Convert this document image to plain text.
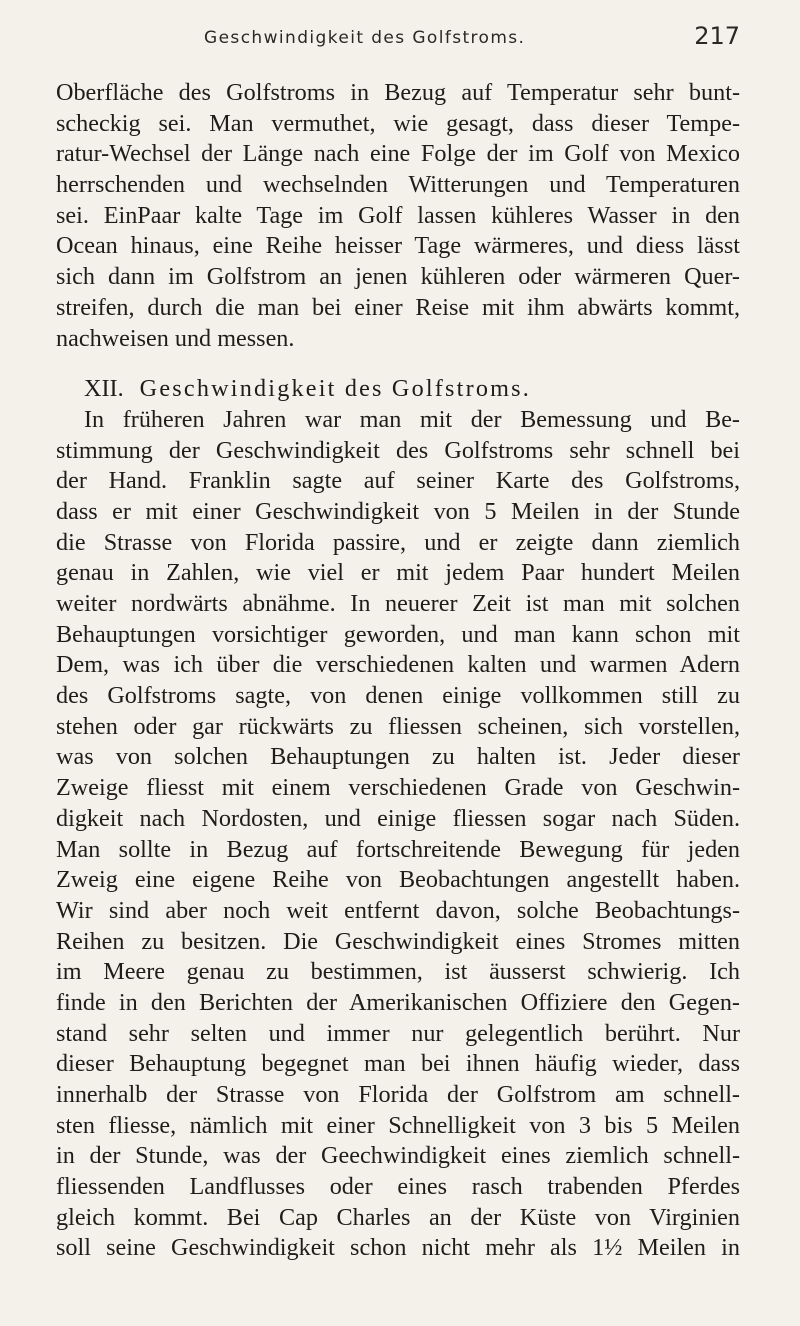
Geschwindigkeit des Golfstroms.	217
Oberfläche des Golfstroms in Bezug auf Temperatur sehr bunt-
scheckig sei. Man vermuthet, wie gesagt, dass dieser Tempe-
ratur-Wechsel der Länge nach eine Folge der im Golf von Mexico
herrschenden und wechselnden Witterungen und Temperaturen
sei. EinPaar kalte Tage im Golf lassen kühleres Wasser in den
Ocean hinaus, eine Reihe heisser Tage wärmeres, und diess lässt
sich dann im Golfstrom an jenen kühleren oder wärmeren Quer-
streifen, durch die man bei einer Reise mit ihm abwärts kommt,
nachweisen und messen.
XII. Geschwindigkeit des Golfstroms.
In früheren Jahren war man mit der Bemessung und Be-
stimmung der Geschwindigkeit des Golfstroms sehr schnell bei
der Hand. Franklin sagte auf seiner Karte des Golfstroms,
dass er mit einer Geschwindigkeit von 5 Meilen in der Stunde
die Strasse von Florida passire, und er zeigte dann ziemlich
genau in Zahlen, wie viel er mit jedem Paar hundert Meilen
weiter nordwärts abnähme. In neuerer Zeit ist man mit solchen
Behauptungen vorsichtiger geworden, und man kann schon mit
Dem, was ich über die verschiedenen kalten und warmen Adern
des Golfstroms sagte, von denen einige vollkommen still zu
stehen oder gar rückwärts zu fliessen scheinen, sich vorstellen,
was von solchen Behauptungen zu halten ist. Jeder dieser
Zweige fliesst mit einem verschiedenen Grade von Geschwin-
digkeit nach Nordosten, und einige fliessen sogar nach Süden.
Man sollte in Bezug auf fortschreitende Bewegung für jeden
Zweig eine eigene Reihe von Beobachtungen angestellt haben.
Wir sind aber noch weit entfernt davon, solche Beobachtungs-
Reihen zu besitzen. Die Geschwindigkeit eines Stromes mitten
im Meere genau zu bestimmen, ist äusserst schwierig. Ich
finde in den Berichten der Amerikanischen Offiziere den Gegen-
stand sehr selten und immer nur gelegentlich berührt. Nur
dieser Behauptung begegnet man bei ihnen häufig wieder, dass
innerhalb der Strasse von Florida der Golfstrom am schnell-
sten fliesse, nämlich mit einer Schnelligkeit von 3 bis 5 Meilen
in der Stunde, was der Geechwindigkeit eines ziemlich schnell-
fliessenden Landflusses oder eines rasch trabenden Pferdes
gleich kommt. Bei Cap Charles an der Küste von Virginien
soll seine Geschwindigkeit schon nicht mehr als 1½ Meilen in
